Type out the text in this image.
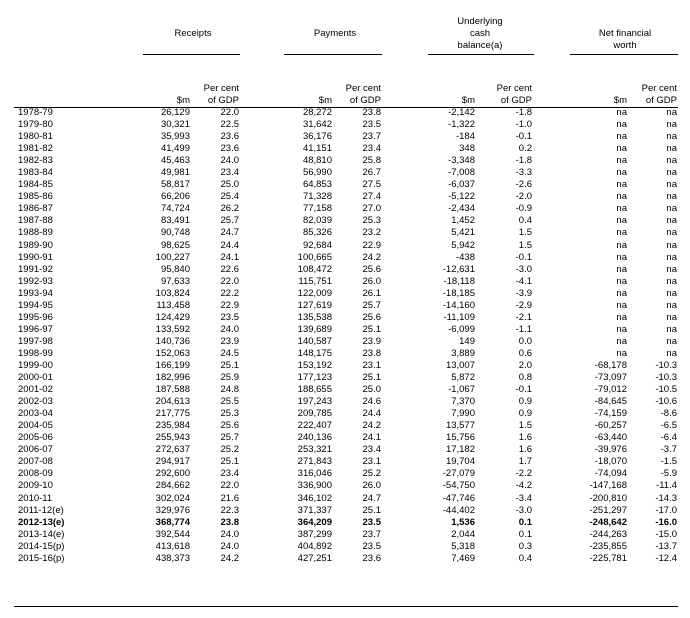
Receipts	Payments
Underlying
cash
balance(a)
Net financial
worth
$m
Per cent
of GDP	$m
Per cent
of GDP	$m
Per cent
of GDP	$m
Per cent
of GDP
1978-79	26,129	22.0	28,272	23.8	-2,142	-1.8	na	na
1979-80	30,321	22.5	31,642	23.5	-1,322	-1.0	na	na
1980-81	35,993	23.6	36,176	23.7	-184	-0.1	na	na
1981-82	41,499	23.6	41,151	23.4	348	0.2	na	na
1982-83	45,463	24.0	48,810	25.8	-3,348	-1.8	na	na
1983-84	49,981	23.4	56,990	26.7	-7,008	-3.3	na	na
1984-85	58,817	25.0	64,853	27.5	-6,037	-2.6	na	na
1985-86	66,206	25.4	71,328	27.4	-5,122	-2.0	na	na
1986-87	74,724	26.2	77,158	27.0	-2,434	-0.9	na	na
1987-88	83,491	25.7	82,039	25.3	1,452	0.4	na	na
1988-89	90,748	24.7	85,326	23.2	5,421	1.5	na	na
1989-90	98,625	24.4	92,684	22.9	5,942	1.5	na	na
1990-91	100,227	24.1	100,665	24.2	-438	-0.1	na	na
1991-92	95,840	22.6	108,472	25.6	-12,631	-3.0	na	na
1992-93	97,633	22.0	115,751	26.0	-18,118	-4.1	na	na
1993-94	103,824	22.2	122,009	26.1	-18,185	-3.9	na	na
1994-95	113,458	22.9	127,619	25.7	-14,160	-2.9	na	na
1995-96	124,429	23.5	135,538	25.6	-11,109	-2.1	na	na
1996-97	133,592	24.0	139,689	25.1	-6,099	-1.1	na	na
1997-98	140,736	23.9	140,587	23.9	149	0.0	na	na
1998-99	152,063	24.5	148,175	23.8	3,889	0.6	na	na
1999-00	166,199	25.1	153,192	23.1	13,007	2.0	-68,178	-10.3
2000-01	182,996	25.9	177,123	25.1	5,872	0.8	-73,097	-10.3
2001-02	187,588	24.8	188,655	25.0	-1,067	-0.1	-79,012	-10.5
2002-03	204,613	25.5	197,243	24.6	7,370	0.9	-84,645	-10.6
2003-04	217,775	25.3	209,785	24.4	7,990	0.9	-74,159	-8.6
2004-05	235,984	25.6	222,407	24.2	13,577	1.5	-60,257	-6.5
2005-06	255,943	25.7	240,136	24.1	15,756	1.6	-63,440	-6.4
2006-07	272,637	25.2	253,321	23.4	17,182	1.6	-39,976	-3.7
2007-08	294,917	25.1	271,843	23.1	19,704	1.7	-18,070	-1.5
2008-09	292,600	23.4	316,046	25.2	-27,079	-2.2	-74,094	-5.9
2009-10	284,662	22.0	336,900	26.0	-54,750	-4.2	-147,168	-11.4
2010-11	302,024	21.6	346,102	24.7	-47,746	-3.4	-200,810	-14.3
2011-12(e)	329,976	22.3	371,337	25.1	-44,402	-3.0	-251,297	-17.0
2012-13(e)	368,774	23.8	364,209	23.5	1,536	0.1	-248,642	-16.0
2013-14(e)	392,544	24.0	387,299	23.7	2,044	0.1	-244,263	-15.0
2014-15(p)	413,618	24.0	404,892	23.5	5,318	0.3	-235,855	-13.7
2015-16(p)	438,373	24.2	427,251	23.6	7,469	0.4	-225,781	-12.4
